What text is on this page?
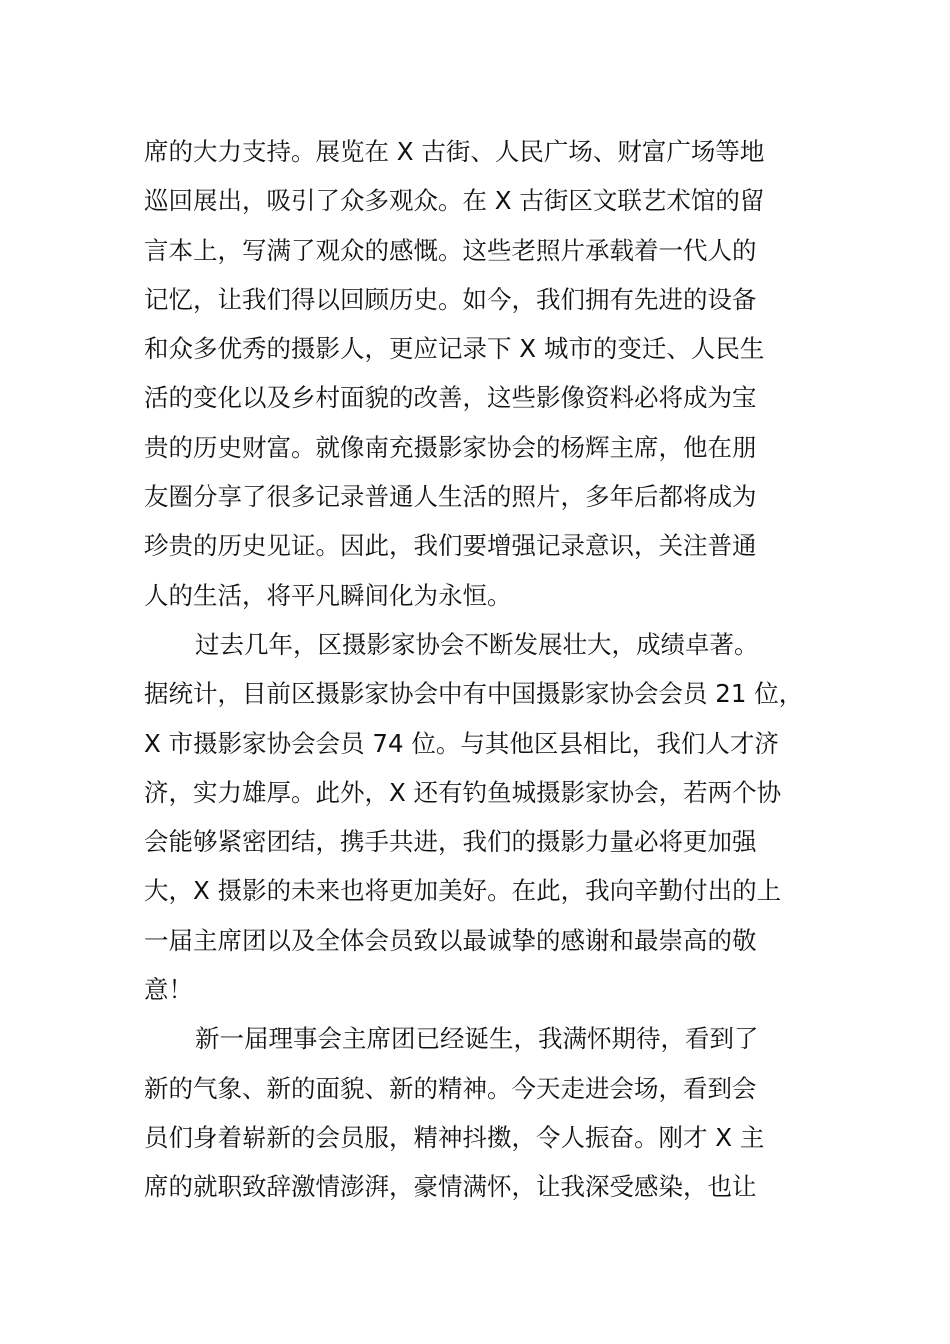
席的大力支持。展览在 X 古街、人民广场、财富广场等地
巡回展出，吸引了众多观众。在 X 古街区文联艺术馆的留
言本上，写满了观众的感慨。这些老照片承载着一代人的
记忆，让我们得以回顾历史。如今，我们拥有先进的设备
和众多优秀的摄影人，更应记录下 X 城市的变迁、人民生
活的变化以及乡村面貌的改善，这些影像资料必将成为宝
贵的历史财富。就像南充摄影家协会的杨辉主席，他在朋
友圈分享了很多记录普通人生活的照片，多年后都将成为
珍贵的历史见证。因此，我们要增强记录意识，关注普通
人的生活，将平凡瞬间化为永恒。
过去几年，区摄影家协会不断发展壮大，成绩卓著。
据统计，目前区摄影家协会中有中国摄影家协会会员 21 位，
X 市摄影家协会会员 74 位。与其他区县相比，我们人才济
济，实力雄厚。此外，X 还有钓鱼城摄影家协会，若两个协
会能够紧密团结，携手共进，我们的摄影力量必将更加强
大，X 摄影的未来也将更加美好。在此，我向辛勤付出的上
一届主席团以及全体会员致以最诚挚的感谢和最崇高的敬
意！
新一届理事会主席团已经诞生，我满怀期待，看到了
新的气象、新的面貌、新的精神。今天走进会场，看到会
员们身着崭新的会员服，精神抖擞，令人振奋。刚才 X 主
席的就职致辞激情澎湃，豪情满怀，让我深受感染，也让
